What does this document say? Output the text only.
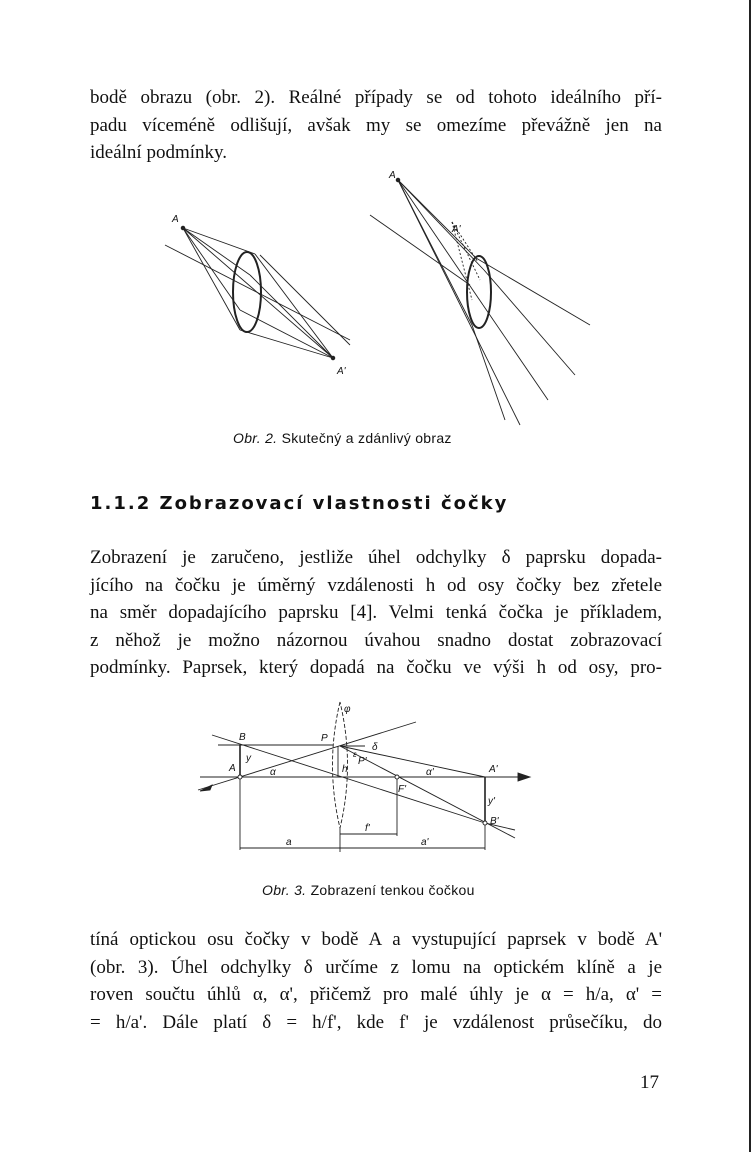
bodě obrazu (obr. 2). Reálné případy se od tohoto ideálního pří-
padu víceméně odlišují, avšak my se omezíme převážně jen na
ideální podmínky.
A
A'
A
A'
B
A
y
α
P
φ
h
δ
ε
P'
α'
F'
A'
y'
B'
f'
a	a'
Obr. 2. Skutečný a zdánlivý obraz
1.1.2 Zobrazovací vlastnosti čočky
Zobrazení je zaručeno, jestliže úhel odchylky δ paprsku dopada-
jícího na čočku je úměrný vzdálenosti h od osy čočky bez zřetele
na směr dopadajícího paprsku [4]. Velmi tenká čočka je příkladem,
z něhož je možno názornou úvahou snadno dostat zobrazovací
podmínky. Paprsek, který dopadá na čočku ve výši h od osy, pro-
Obr. 3. Zobrazení tenkou čočkou
tíná optickou osu čočky v bodě A a vystupující paprsek v bodě A'
(obr. 3). Úhel odchylky δ určíme z lomu na optickém klíně a je
roven součtu úhlů α, α', přičemž pro malé úhly je α = h/a, α' =
= h/a'. Dále platí δ = h/f', kde f' je vzdálenost průsečíku, do
17
